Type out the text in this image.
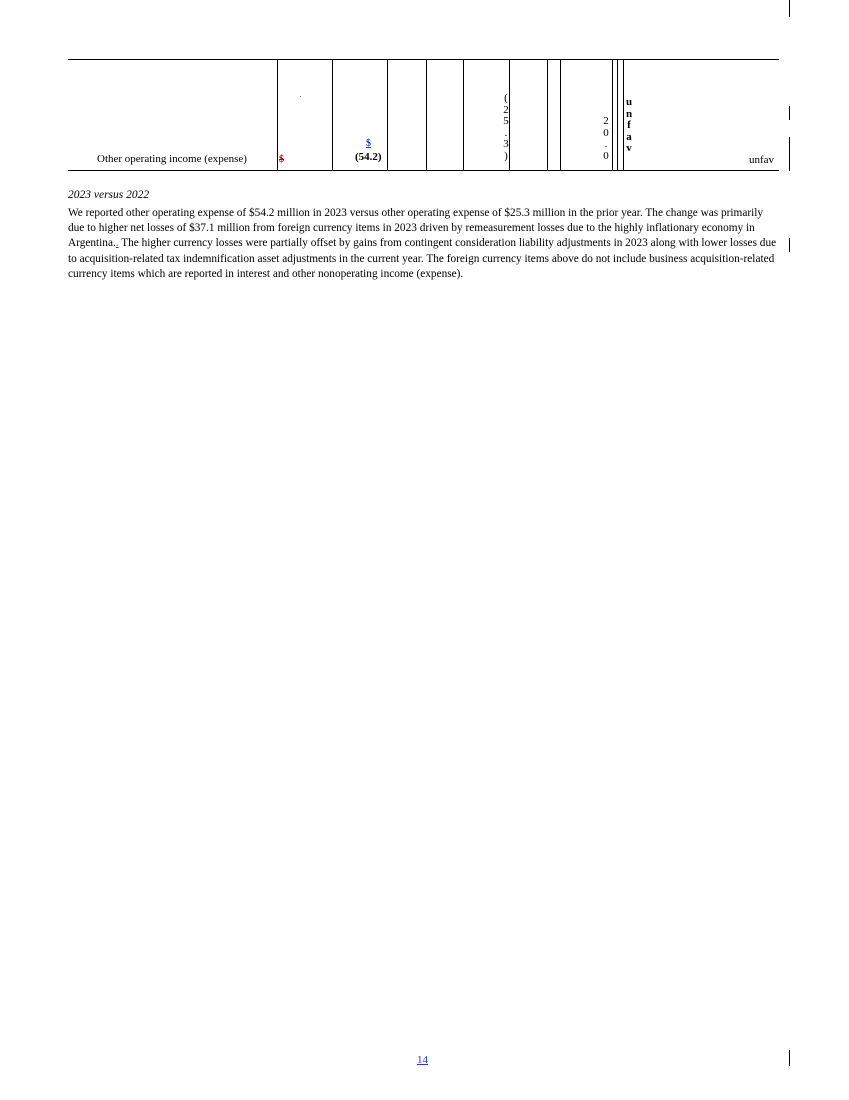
Other operating income (expense)	$
$
(54.2)
(
2
5
.
3
)
2
0
.
0
u
n
f
a
v
unfav
2023 versus 2022
We reported other operating expense of $54.2 million in 2023 versus other operating expense of $25.3 million in the prior year. The change was primarily due to higher net losses of $37.1 million from foreign currency items in 2023 driven by remeasurement losses due to the highly inflationary economy in Argentina.. The higher currency losses were partially offset by gains from contingent consideration liability adjustments in 2023 along with lower losses due to acquisition-related tax indemnification asset adjustments in the current year. The foreign currency items above do not include business acquisition-related currency items which are reported in interest and other nonoperating income (expense).
14
